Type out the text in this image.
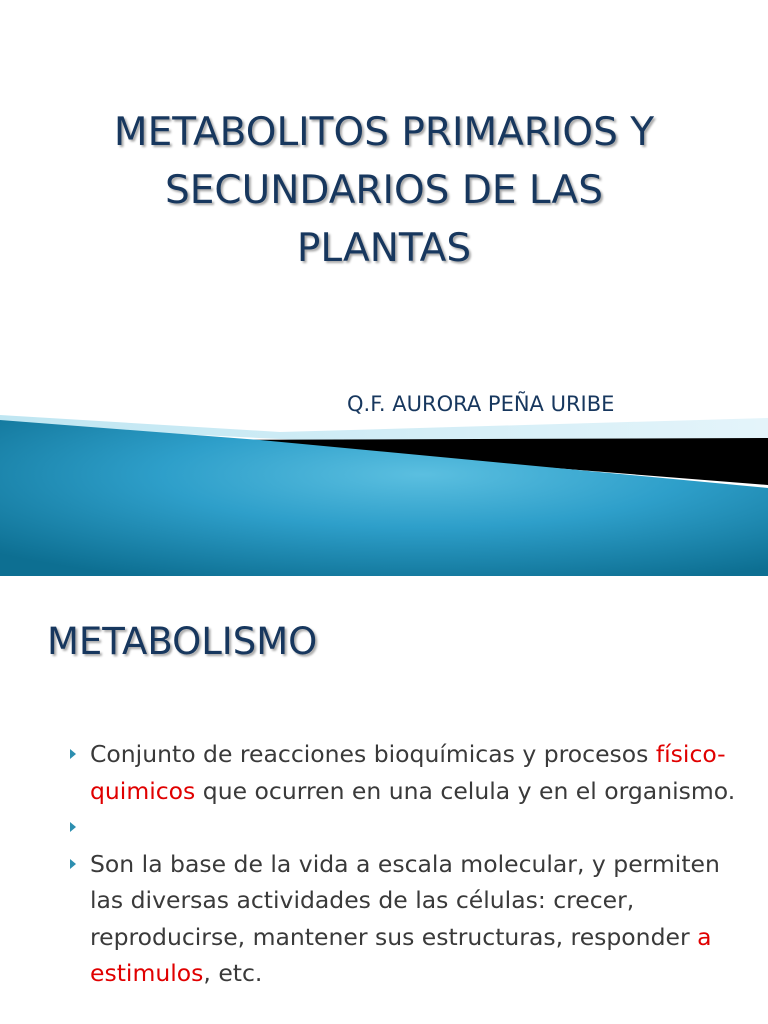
METABOLITOS PRIMARIOS Y
SECUNDARIOS DE LAS
PLANTAS

Q.F. AURORA PEÑA URIBE

METABOLISMO
Conjunto de reacciones bioquímicas y procesos físico-quimicos que ocurren en una celula y en el organismo.
Son la base de la vida a escala molecular, y permiten las diversas actividades de las células: crecer, reproducirse, mantener sus estructuras, responder a estimulos, etc.
